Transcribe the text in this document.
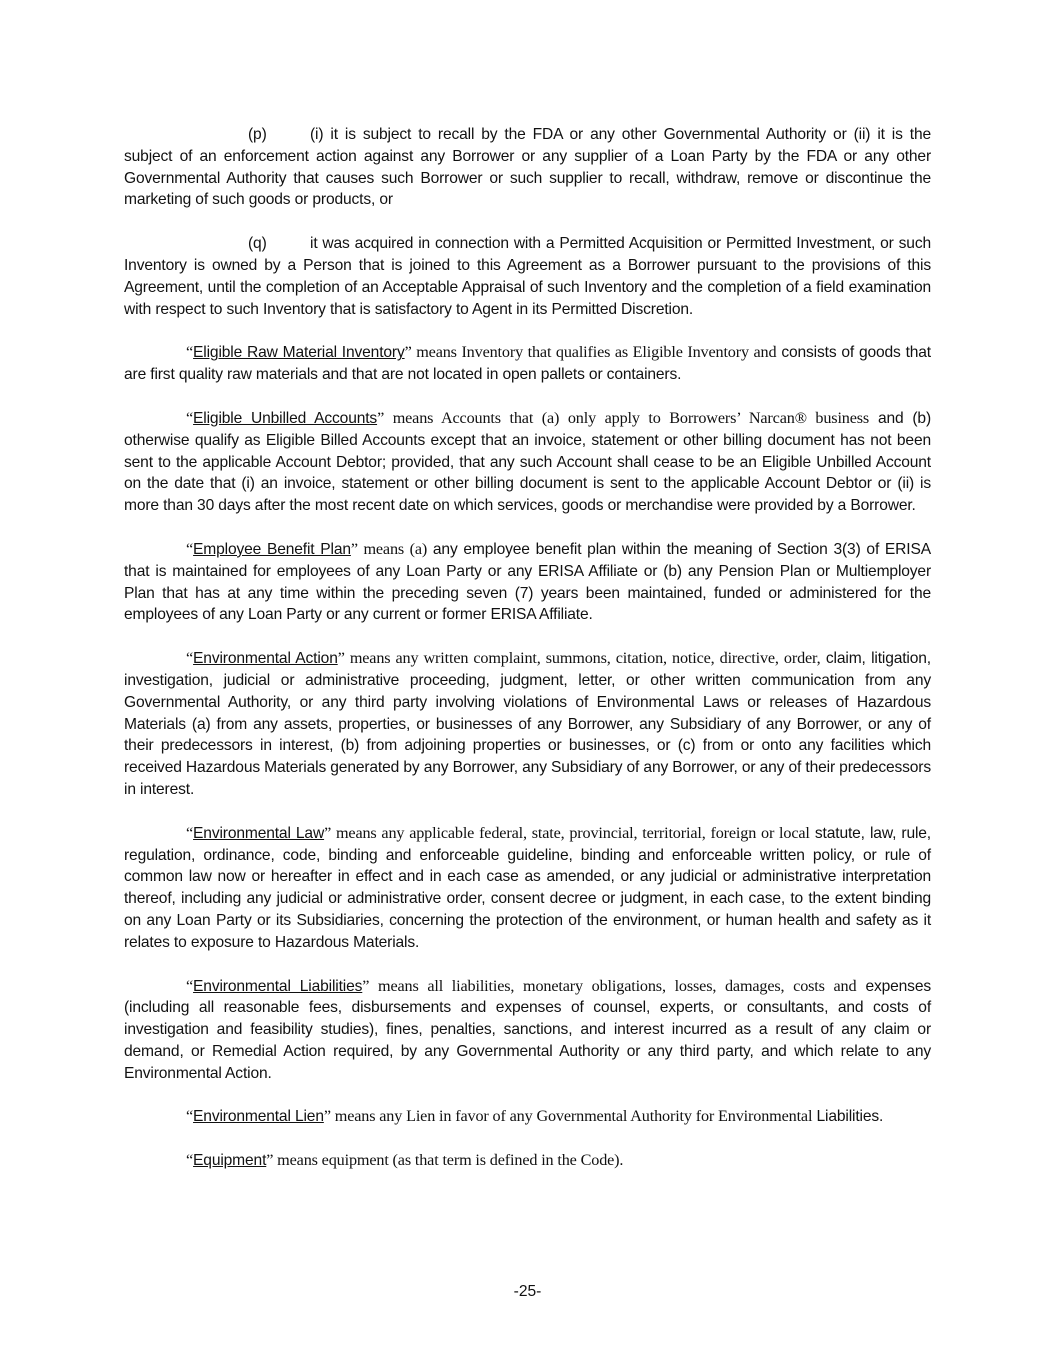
(p)	(i) it is subject to recall by the FDA or any other Governmental Authority or (ii) it is the subject of an enforcement action against any Borrower or any supplier of a Loan Party by the FDA or any other Governmental Authority that causes such Borrower or such supplier to recall, withdraw, remove or discontinue the marketing of such goods or products, or

(q)	it was acquired in connection with a Permitted Acquisition or Permitted Investment, or such Inventory is owned by a Person that is joined to this Agreement as a Borrower pursuant to the provisions of this Agreement, until the completion of an Acceptable Appraisal of such Inventory and the completion of a field examination with respect to such Inventory that is satisfactory to Agent in its Permitted Discretion.

“Eligible Raw Material Inventory” means Inventory that qualifies as Eligible Inventory and consists of goods that are first quality raw materials and that are not located in open pallets or containers.

“Eligible Unbilled Accounts” means Accounts that (a) only apply to Borrowers’ Narcan® business and (b) otherwise qualify as Eligible Billed Accounts except that an invoice, statement or other billing document has not been sent to the applicable Account Debtor; provided, that any such Account shall cease to be an Eligible Unbilled Account on the date that (i) an invoice, statement or other billing document is sent to the applicable Account Debtor or (ii) is more than 30 days after the most recent date on which services, goods or merchandise were provided by a Borrower.

“Employee Benefit Plan” means (a) any employee benefit plan within the meaning of Section 3(3) of ERISA that is maintained for employees of any Loan Party or any ERISA Affiliate or (b) any Pension Plan or Multiemployer Plan that has at any time within the preceding seven (7) years been maintained, funded or administered for the employees of any Loan Party or any current or former ERISA Affiliate.

“Environmental Action” means any written complaint, summons, citation, notice, directive, order, claim, litigation, investigation, judicial or administrative proceeding, judgment, letter, or other written communication from any Governmental Authority, or any third party involving violations of Environmental Laws or releases of Hazardous Materials (a) from any assets, properties, or businesses of any Borrower, any Subsidiary of any Borrower, or any of their predecessors in interest, (b) from adjoining properties or businesses, or (c) from or onto any facilities which received Hazardous Materials generated by any Borrower, any Subsidiary of any Borrower, or any of their predecessors in interest.

“Environmental Law” means any applicable federal, state, provincial, territorial, foreign or local statute, law, rule, regulation, ordinance, code, binding and enforceable guideline, binding and enforceable written policy, or rule of common law now or hereafter in effect and in each case as amended, or any judicial or administrative interpretation thereof, including any judicial or administrative order, consent decree or judgment, in each case, to the extent binding on any Loan Party or its Subsidiaries, concerning the protection of the environment, or human health and safety as it relates to exposure to Hazardous Materials.

“Environmental Liabilities” means all liabilities, monetary obligations, losses, damages, costs and expenses (including all reasonable fees, disbursements and expenses of counsel, experts, or consultants, and costs of investigation and feasibility studies), fines, penalties, sanctions, and interest incurred as a result of any claim or demand, or Remedial Action required, by any Governmental Authority or any third party, and which relate to any Environmental Action.

“Environmental Lien” means any Lien in favor of any Governmental Authority for Environmental Liabilities.

“Equipment” means equipment (as that term is defined in the Code).

-25-
